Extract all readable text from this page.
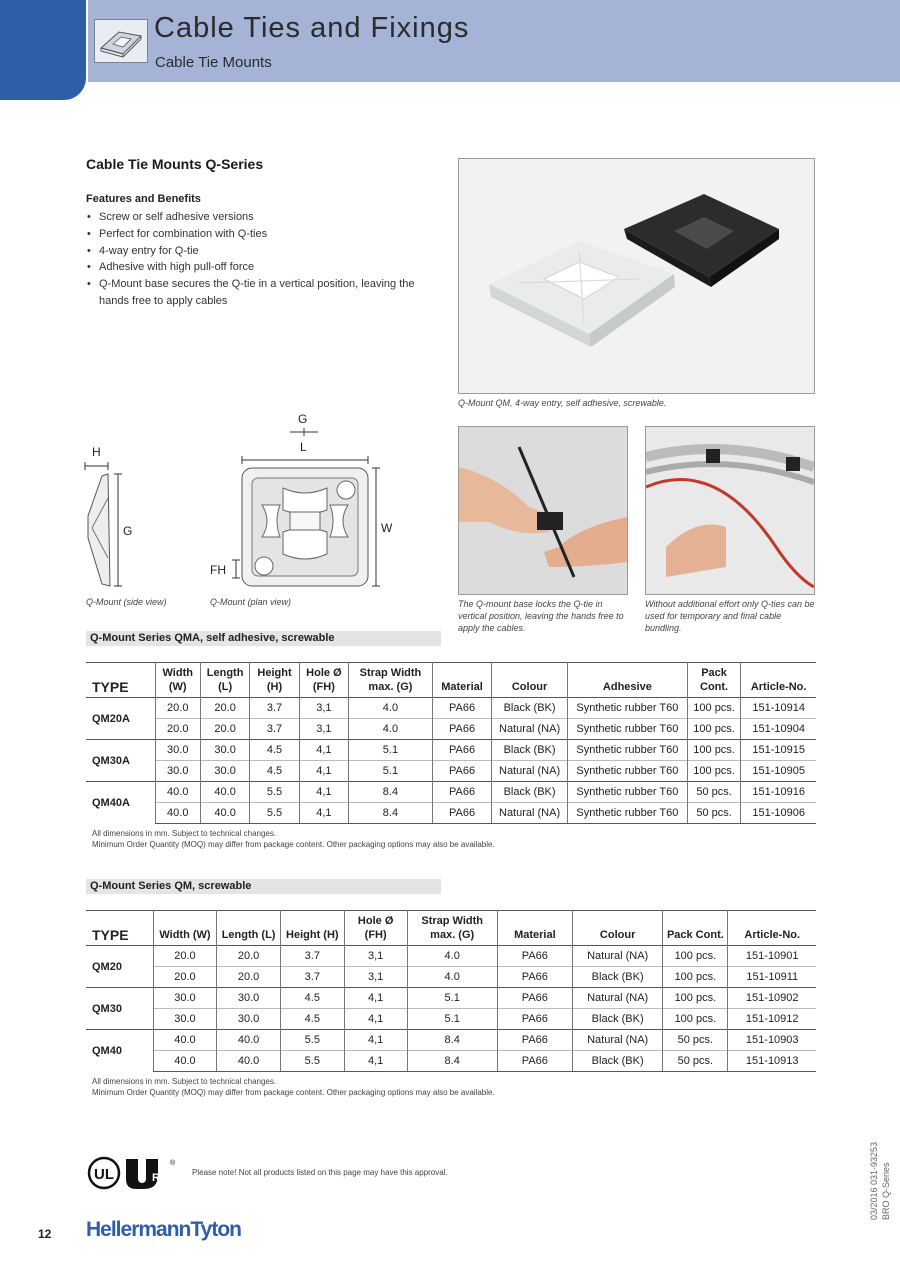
Cable Ties and Fixings
Cable Tie Mounts
Cable Tie Mounts Q-Series
Features and Benefits
• Screw or self adhesive versions
• Perfect for combination with Q-ties
• 4-way entry for Q-tie
• Adhesive with high pull-off force
• Q-Mount base secures the Q-tie in a vertical position, leaving the hands free to apply cables
Q-Mount QM, 4-way entry, self adhesive, screwable.
H
G
G
L
W
FH
Q-Mount (side view)	Q-Mount (plan view)	The Q-mount base locks the Q-tie in vertical position, leaving the hands free to apply the cables.
Without additional effort only Q-ties can be used for temporary and final cable bundling.
Q-Mount Series QMA, self adhesive, screwable
TYPE	Width (W)	Length (L)	Height (H)	Hole Ø (FH)	Strap Width max. (G)	Material	Colour	Adhesive	Pack Cont.	Article-No.
QM20A	20.0	20.0	3.7	3,1	4.0	PA66	Black (BK)	Synthetic rubber T60	100 pcs.	151-10914
	20.0	20.0	3.7	3,1	4.0	PA66	Natural (NA)	Synthetic rubber T60	100 pcs.	151-10904
QM30A	30.0	30.0	4.5	4,1	5.1	PA66	Black (BK)	Synthetic rubber T60	100 pcs.	151-10915
	30.0	30.0	4.5	4,1	5.1	PA66	Natural (NA)	Synthetic rubber T60	100 pcs.	151-10905
QM40A	40.0	40.0	5.5	4,1	8.4	PA66	Black (BK)	Synthetic rubber T60	50 pcs.	151-10916
	40.0	40.0	5.5	4,1	8.4	PA66	Natural (NA)	Synthetic rubber T60	50 pcs.	151-10906
All dimensions in mm. Subject to technical changes.
Minimum Order Quantity (MOQ) may differ from package content. Other packaging options may also be available.
Q-Mount Series QM, screwable
TYPE	Width (W)	Length (L)	Height (H)	Hole Ø (FH)	Strap Width max. (G)	Material	Colour	Pack Cont.	Article-No.
QM20	20.0	20.0	3.7	3,1	4.0	PA66	Natural (NA)	100 pcs.	151-10901
	20.0	20.0	3.7	3,1	4.0	PA66	Black (BK)	100 pcs.	151-10911
QM30	30.0	30.0	4.5	4,1	5.1	PA66	Natural (NA)	100 pcs.	151-10902
	30.0	30.0	4.5	4,1	5.1	PA66	Black (BK)	100 pcs.	151-10912
QM40	40.0	40.0	5.5	4,1	8.4	PA66	Natural (NA)	50 pcs.	151-10903
	40.0	40.0	5.5	4,1	8.4	PA66	Black (BK)	50 pcs.	151-10913
All dimensions in mm. Subject to technical changes.
Minimum Order Quantity (MOQ) may differ from package content. Other packaging options may also be available.
UL	R
®
Please note! Not all products listed on this page may have this approval.	03/2016 031-93253 BRO Q-Series
12 HellermannTyton
